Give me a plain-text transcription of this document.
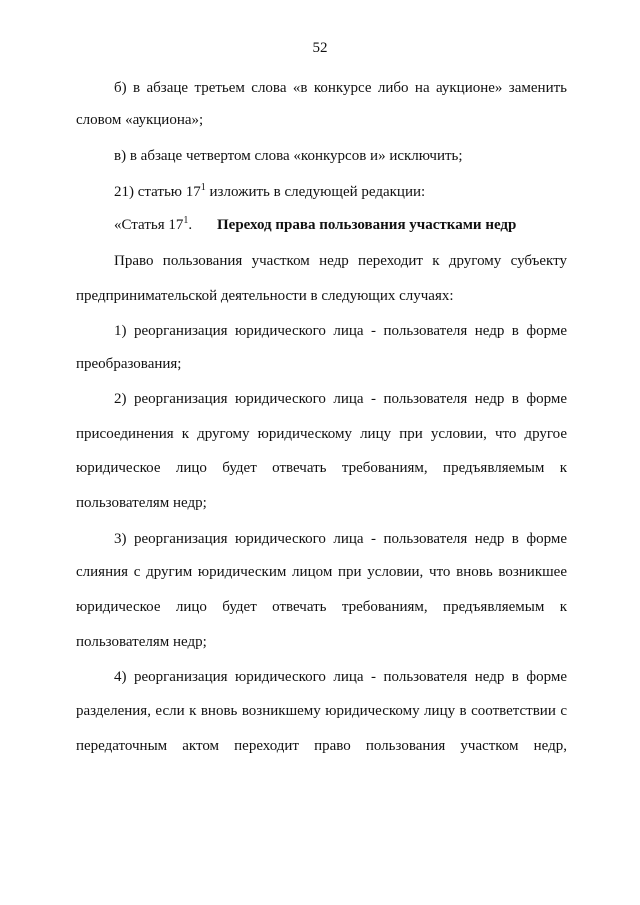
52
б) в абзаце третьем слова «в конкурсе либо на аукционе» заменить
словом «аукциона»;
в) в абзаце четвертом слова «конкурсов и» исключить;
21) статью $17^1$ изложить в следующей редакции:
«Статья $17^1$. Переход права пользования участками недр
Право пользования участком недр переходит к другому субъекту
предпринимательской деятельности в следующих случаях:
1) реорганизация юридического лица - пользователя недр в форме
преобразования;
2) реорганизация юридического лица - пользователя недр в форме
присоединения к другому юридическому лицу при условии, что другое
юридическое лицо будет отвечать требованиям, предъявляемым к
пользователям недр;
3) реорганизация юридического лица - пользователя недр в форме
слияния с другим юридическим лицом при условии, что вновь возникшее
юридическое лицо будет отвечать требованиям, предъявляемым к
пользователям недр;
4) реорганизация юридического лица - пользователя недр в форме
разделения, если к вновь возникшему юридическому лицу в соответствии с
передаточным актом переходит право пользования участком недр,
